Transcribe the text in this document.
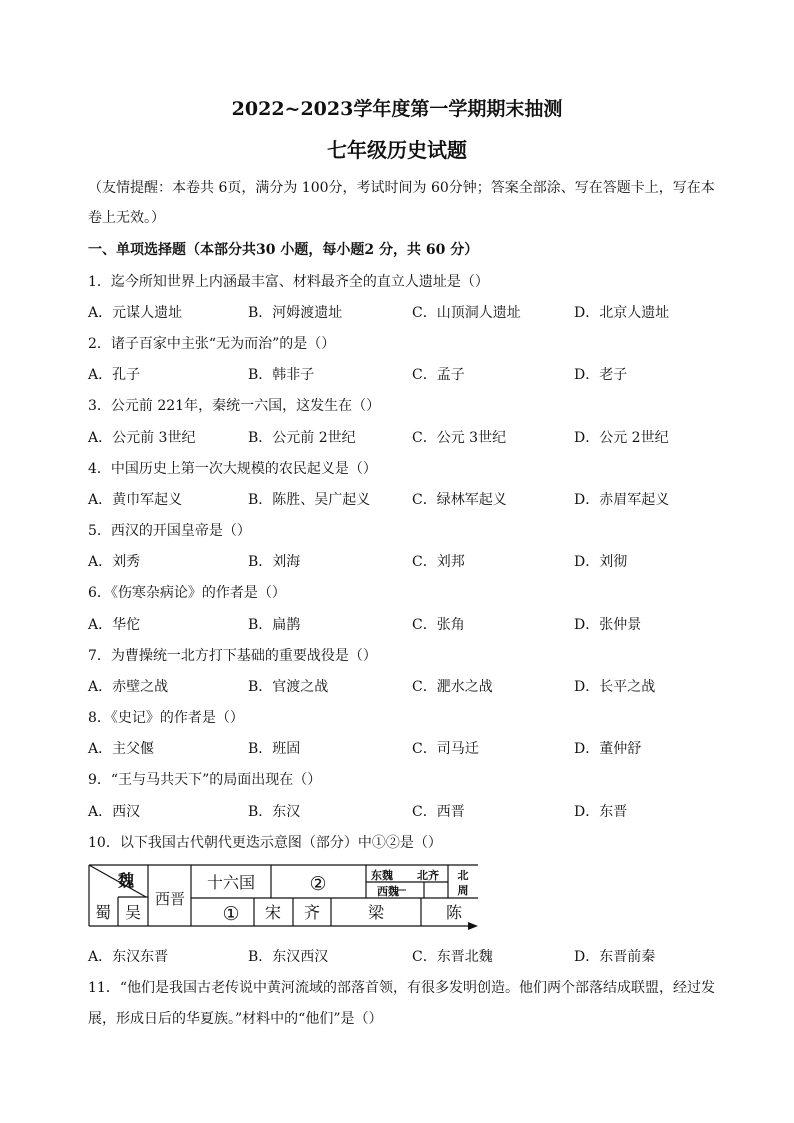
2022~2023学年度第一学期期末抽测
七年级历史试题
（友情提醒：本卷共 6页，满分为 100分，考试时间为 60分钟；答案全部涂、写在答题卡上，写在本
卷上无效。）
一、单项选择题（本部分共30 小题，每小题2 分，共 60 分）
1．迄今所知世界上内涵最丰富、材料最齐全的直立人遗址是（）
A．元谋人遗址	B．河姆渡遗址	C．山顶洞人遗址	D．北京人遗址
2．诸子百家中主张“无为而治”的是（）
A．孔子	B．韩非子	C．孟子	D．老子
3．公元前 221年，秦统一六国，这发生在（）
A．公元前 3世纪	B．公元前 2世纪	C．公元 3世纪	D．公元 2世纪
4．中国历史上第一次大规模的农民起义是（）
A．黄巾军起义	B．陈胜、吴广起义	C．绿林军起义	D．赤眉军起义
5．西汉的开国皇帝是（）
A．刘秀	B．刘海	C．刘邦	D．刘彻
6．《伤寒杂病论》的作者是（）
A．华佗	B．扁鹊	C．张角	D．张仲景
7．为曹操统一北方打下基础的重要战役是（）
A．赤壁之战	B．官渡之战	C．淝水之战	D．长平之战
8．《史记》的作者是（）
A．主父偃	B．班固	C．司马迁	D．董仲舒
9．“王与马共天下”的局面出现在（）
A．西汉	B．东汉	C．西晋	D．东晋
10．以下我国古代朝代更迭示意图（部分）中①②是（）
魏
蜀 吴
西晋
十六国	②	东魏 北齐 北
周
西魏
① 宋 齐	梁	陈
A．东汉东晋	B．东汉西汉	C．东晋北魏	D．东晋前秦
11．“他们是我国古老传说中黄河流域的部落首领，有很多发明创造。他们两个部落结成联盟，经过发
展，形成日后的华夏族。”材料中的“他们”是（）
